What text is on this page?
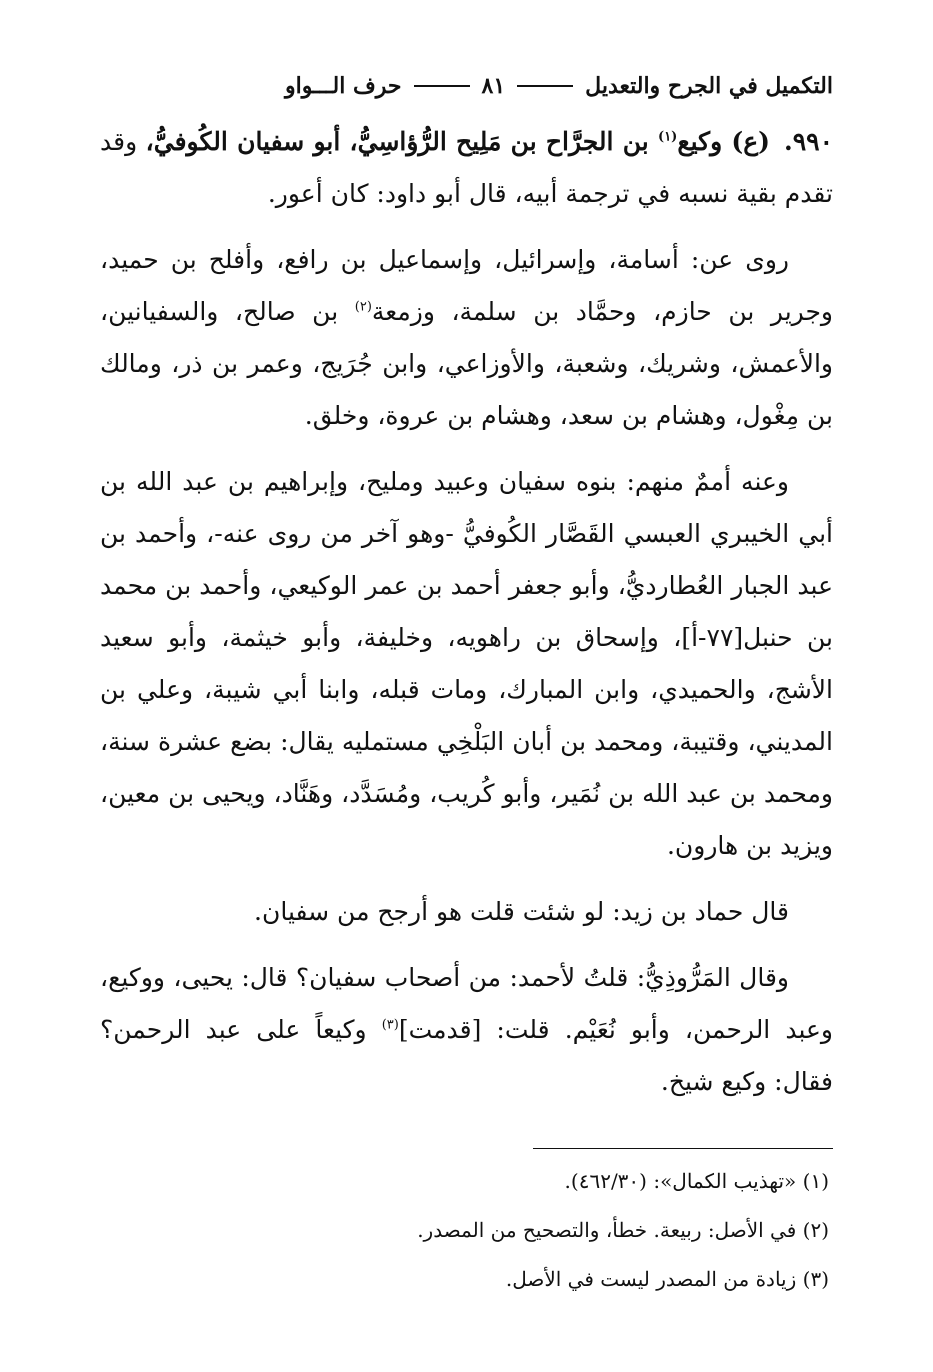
التكميل في الجرح والتعديل
٨١
حرف الـــواو

٩٩٠.(ع) وكيع$^{(١)}$ بن الجرَّاح بن مَلِيح الرُّؤاسِيُّ، أبو سفيان الكُوفيُّ، وقد تقدم بقية نسبه في ترجمة أبيه، قال أبو داود: كان أعور.

روى عن: أسامة، وإسرائيل، وإسماعيل بن رافع، وأفلح بن حميد، وجرير بن حازم، وحمَّاد بن سلمة، وزمعة$^{(٢)}$ بن صالح، والسفيانين، والأعمش، وشريك، وشعبة، والأوزاعي، وابن جُرَيج، وعمر بن ذر، ومالك بن مِغْول، وهشام بن سعد، وهشام بن عروة، وخلق.

وعنه أممٌ منهم: بنوه سفيان وعبيد ومليح، وإبراهيم بن عبد الله بن أبي الخيبري العبسي القَصَّار الكُوفيُّ -وهو آخر من روى عنه-، وأحمد بن عبد الجبار العُطارديُّ، وأبو جعفر أحمد بن عمر الوكيعي، وأحمد بن محمد بن حنبل[٧٧-أ]، وإسحاق بن راهويه، وخليفة، وأبو خيثمة، وأبو سعيد الأشج، والحميدي، وابن المبارك، ومات قبله، وابنا أبي شيبة، وعلي بن المديني، وقتيبة، ومحمد بن أبان البَلْخِي مستمليه يقال: بضع عشرة سنة، ومحمد بن عبد الله بن نُمَير، وأبو كُريب، ومُسَدَّد، وهَنَّاد، ويحيى بن معين، ويزيد بن هارون.

قال حماد بن زيد: لو شئت قلت هو أرجح من سفيان.

وقال المَرُّوذِيُّ: قلتُ لأحمد: من أصحاب سفيان؟ قال: يحيى، ووكيع، وعبد الرحمن، وأبو نُعَيْم. قلت: [قدمت]$^{(٣)}$ وكيعاً على عبد الرحمن؟ فقال: وكيع شيخ.

(١) «تهذيب الكمال»: (٤٦٢/٣٠).

(٢) في الأصل: ربيعة. خطأ، والتصحيح من المصدر.

(٣) زيادة من المصدر ليست في الأصل.
